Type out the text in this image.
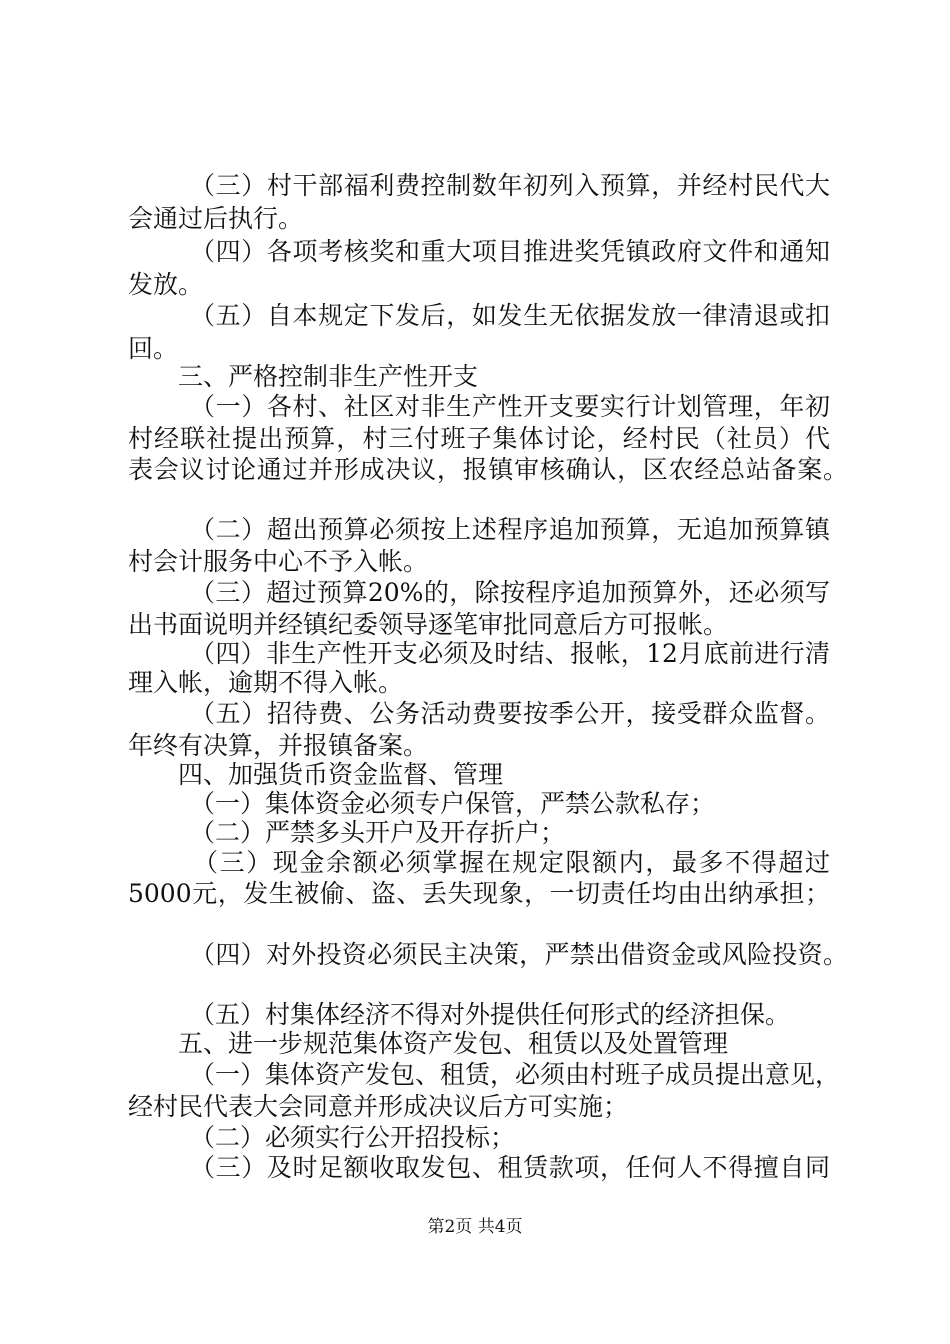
（三）村干部福利费控制数年初列入预算，并经村民代大
会通过后执行。
（四）各项考核奖和重大项目推进奖凭镇政府文件和通知
发放。
（五）自本规定下发后，如发生无依据发放一律清退或扣
回。
三、严格控制非生产性开支
（一）各村、社区对非生产性开支要实行计划管理，年初
村经联社提出预算，村三付班子集体讨论，经村民（社员）代
表会议讨论通过并形成决议，报镇审核确认，区农经总站备案。
（二）超出预算必须按上述程序追加预算，无追加预算镇
村会计服务中心不予入帐。
（三）超过预算20%的，除按程序追加预算外，还必须写
出书面说明并经镇纪委领导逐笔审批同意后方可报帐。
（四）非生产性开支必须及时结、报帐，12月底前进行清
理入帐，逾期不得入帐。
（五）招待费、公务活动费要按季公开，接受群众监督。
年终有决算，并报镇备案。
四、加强货币资金监督、管理
（一）集体资金必须专户保管，严禁公款私存；
（二）严禁多头开户及开存折户；
（三）现金余额必须掌握在规定限额内，最多不得超过
5000元，发生被偷、盗、丢失现象，一切责任均由出纳承担；
（四）对外投资必须民主决策，严禁出借资金或风险投资。
（五）村集体经济不得对外提供任何形式的经济担保。
五、进一步规范集体资产发包、租赁以及处置管理
（一）集体资产发包、租赁，必须由村班子成员提出意见，
经村民代表大会同意并形成决议后方可实施；
（二）必须实行公开招投标；
（三）及时足额收取发包、租赁款项，任何人不得擅自同
第2页 共4页
